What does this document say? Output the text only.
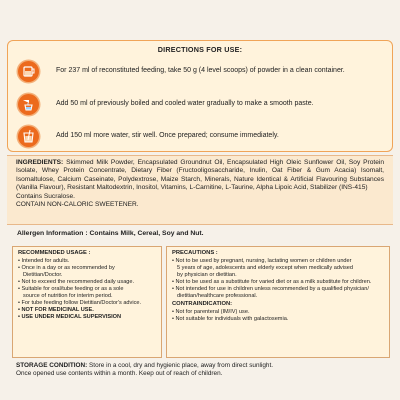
DIRECTIONS FOR USE:
For 237 ml of reconstituted feeding, take 50 g (4 level scoops) of powder in a clean container.
Add 50 ml of previously boiled and cooled water gradually to make a smooth paste.
Add 150 ml more water, stir well. Once prepared; consume immediately.
INGREDIENTS: Skimmed Milk Powder, Encapsulated Groundnut Oil, Encapsulated High Oleic Sunflower Oil, Soy Protein Isolate, Whey Protein Concentrate, Dietary Fiber (Fructooligosaccharide, Inulin, Oat Fiber & Gum Acacia) Isomalt, Isomaltulose, Calcium Caseinate, Polydextrose, Maize Starch, Minerals, Nature Identical & Artificial Flavouring Substances (Vanilla Flavour), Resistant Maltodextrin, Inositol, Vitamins, L-Carnitine, L-Taurine, Alpha Lipoic Acid, Stabilizer (INS-415)
Contains Sucralose.
CONTAIN NON-CALORIC SWEETENER.
Allergen Information : Contains Milk, Cereal, Soy and Nut.
RECOMMENDED USAGE :
• Intended for adults.
• Once in a day or as recommended by
Dietitian/Doctor.
• Not to exceed the recommended daily usage.
• Suitable for oral/tube feeding or as a sole
source of nutrition for interim period.
• For tube feeding follow Dietitian/Doctor's advice.
• NOT FOR MEDICINAL USE.
• USE UNDER MEDICAL SUPERVISION
PRECAUTIONS :
• Not to be used by pregnant, nursing, lactating women or children under
5 years of age, adolescents and elderly except when medically advised
by physician or dietitian.
• Not to be used as a substitute for varied diet or as a milk substitute for children.
• Not intended for use in children unless recommended by a qualified physician/
dietitian/healthcare professional.
CONTRAINDICATION:
• Not for parenteral (IM/IV) use.
• Not suitable for individuals with galactosemia.
STORAGE CONDITION: Store in a cool, dry and hygienic place, away from direct sunlight.
Once opened use contents within a month. Keep out of reach of children.
